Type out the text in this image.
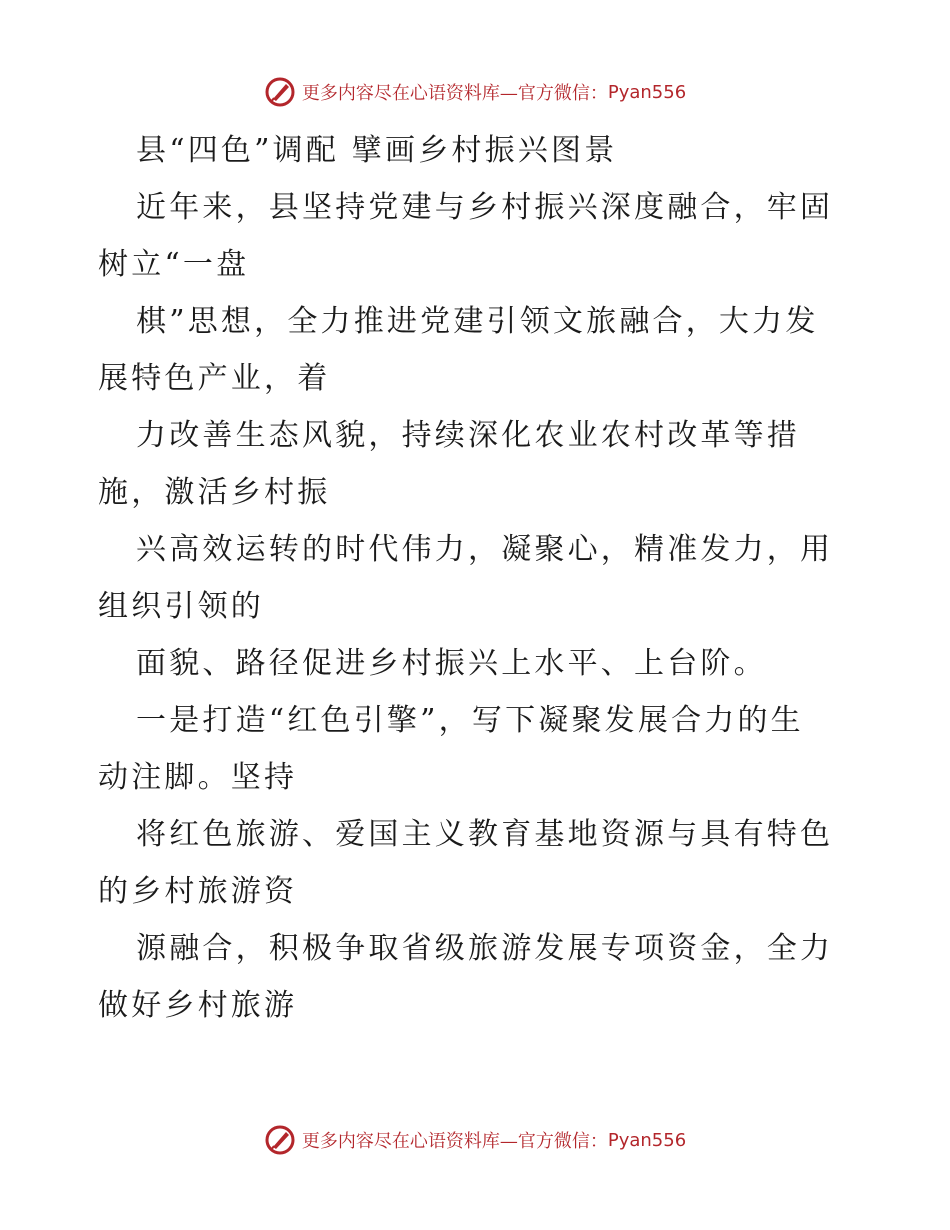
更多内容尽在心语资料库—官方微信： Pyan556
县“四色”调配 擘画乡村振兴图景
近年来，县坚持党建与乡村振兴深度融合，牢固
树立“一盘
棋”思想，全力推进党建引领文旅融合，大力发
展特色产业，着
力改善生态风貌，持续深化农业农村改革等措
施，激活乡村振
兴高效运转的时代伟力，凝聚心，精准发力，用
组织引领的
面貌、路径促进乡村振兴上水平、上台阶。
一是打造“红色引擎”，写下凝聚发展合力的生
动注脚。坚持
将红色旅游、爱国主义教育基地资源与具有特色
的乡村旅游资
源融合，积极争取省级旅游发展专项资金，全力
做好乡村旅游
更多内容尽在心语资料库—官方微信： Pyan556
